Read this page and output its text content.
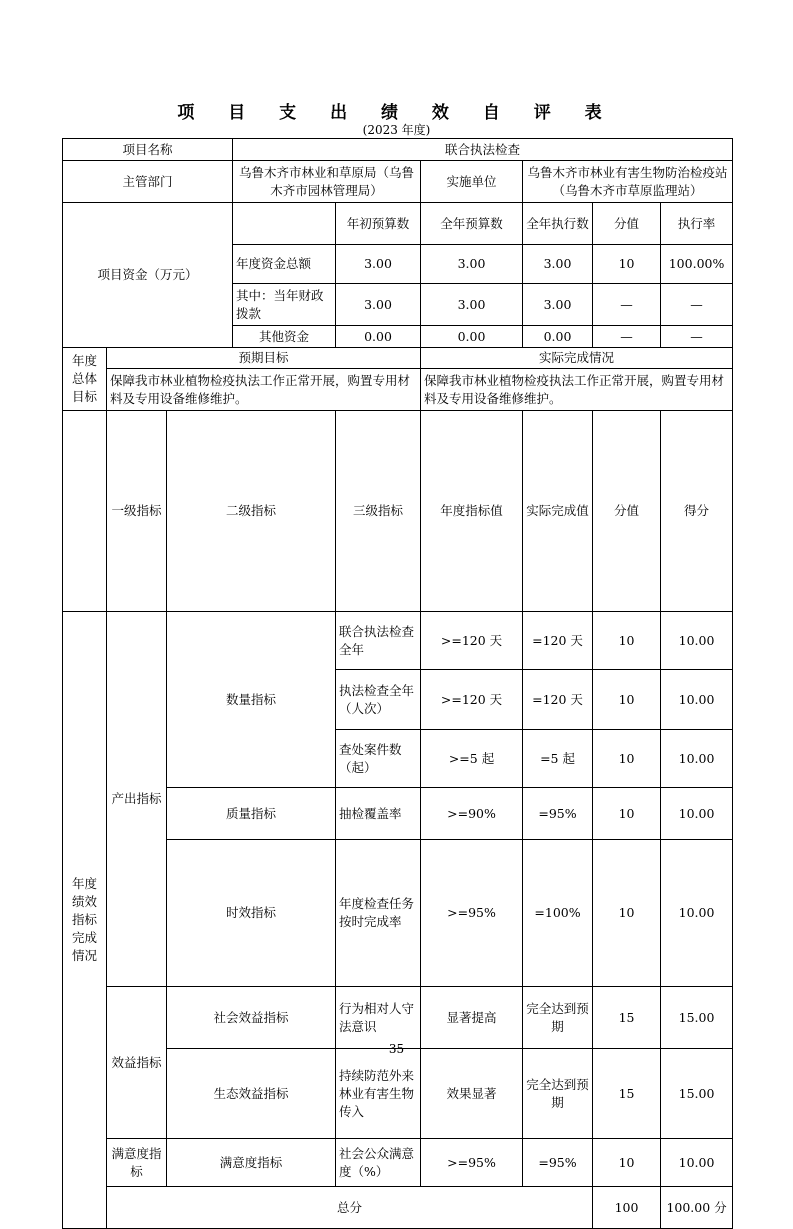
项 目 支 出 绩 效 自 评 表
(2023 年度)
项目名称			联合执法检查						
主管部门			乌鲁木齐市林业和草原局（乌鲁木齐市园林管理局）		实施单位	乌鲁木齐市林业有害生物防治检疫站（乌鲁木齐市草原监理站）			
项目资金（万元）				年初预算数	全年预算数	全年执行数	分值	执行率	
			年度资金总额	3.00	3.00	3.00	10	100.00%	
			其中：当年财政拨款	3.00	3.00	3.00	—	—	
			其他资金	0.00	0.00	0.00	—	—	
年度总体目标	预期目标				实际完成情况				
	保障我市林业植物检疫执法工作正常开展，购置专用材料及专用设备维修维护。				保障我市林业植物检疫执法工作正常开展，购置专用材料及专用设备维修维护。				
	一级指标	二级指标		三级指标	年度指标值	实际完成值	分值	得分	
年度绩效指标完成情况	产出指标	数量指标		联合执法检查全年	>=120 天	=120 天	10	10.00	
				执法检查全年（人次）	>=120 天	=120 天	10	10.00	
				查处案件数（起）	>=5 起	=5 起	10	10.00	
		质量指标		抽检覆盖率	>=90%	=95%	10	10.00	
		时效指标		年度检查任务按时完成率	>=95%	=100%	10	10.00	
	效益指标	社会效益指标		行为相对人守法意识	显著提高	完全达到预期	15	15.00	
		生态效益指标		持续防范外来林业有害生物传入	效果显著	完全达到预期	15	15.00	
	满意度指标	满意度指标		社会公众满意度（%）	>=95%	=95%	10	10.00	
	总分						100	100.00 分	
35
